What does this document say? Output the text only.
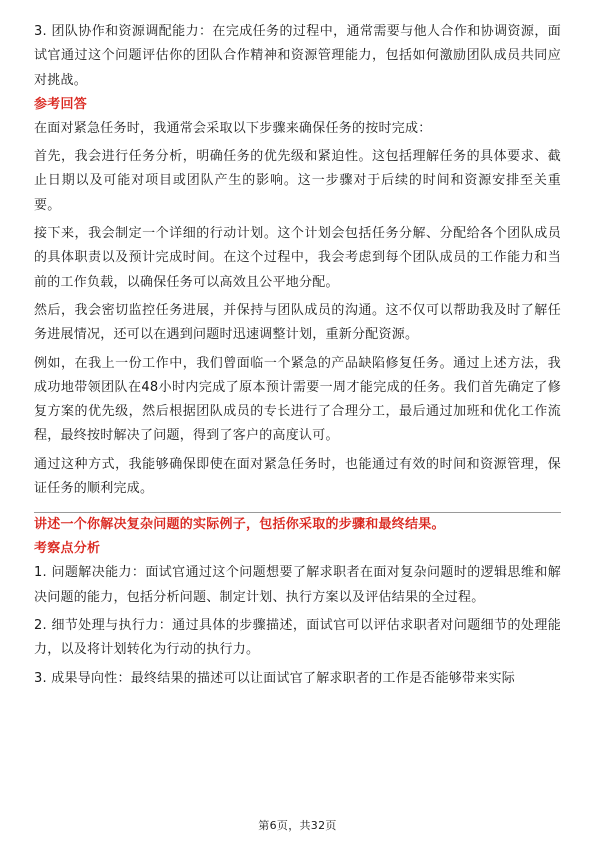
3. 团队协作和资源调配能力：在完成任务的过程中，通常需要与他人合作和协调资源，面试官通过这个问题评估你的团队合作精神和资源管理能力，包括如何激励团队成员共同应对挑战。

参考回答

在面对紧急任务时，我通常会采取以下步骤来确保任务的按时完成：

首先，我会进行任务分析，明确任务的优先级和紧迫性。这包括理解任务的具体要求、截止日期以及可能对项目或团队产生的影响。这一步骤对于后续的时间和资源安排至关重要。

接下来，我会制定一个详细的行动计划。这个计划会包括任务分解、分配给各个团队成员的具体职责以及预计完成时间。在这个过程中，我会考虑到每个团队成员的工作能力和当前的工作负载，以确保任务可以高效且公平地分配。

然后，我会密切监控任务进展，并保持与团队成员的沟通。这不仅可以帮助我及时了解任务进展情况，还可以在遇到问题时迅速调整计划，重新分配资源。

例如，在我上一份工作中，我们曾面临一个紧急的产品缺陷修复任务。通过上述方法，我成功地带领团队在48小时内完成了原本预计需要一周才能完成的任务。我们首先确定了修复方案的优先级，然后根据团队成员的专长进行了合理分工，最后通过加班和优化工作流程，最终按时解决了问题，得到了客户的高度认可。

通过这种方式，我能够确保即使在面对紧急任务时，也能通过有效的时间和资源管理，保证任务的顺利完成。

讲述一个你解决复杂问题的实际例子，包括你采取的步骤和最终结果。
考察点分析

1. 问题解决能力：面试官通过这个问题想要了解求职者在面对复杂问题时的逻辑思维和解决问题的能力，包括分析问题、制定计划、执行方案以及评估结果的全过程。

2. 细节处理与执行力：通过具体的步骤描述，面试官可以评估求职者对问题细节的处理能力，以及将计划转化为行动的执行力。

3. 成果导向性：最终结果的描述可以让面试官了解求职者的工作是否能够带来实际

第6页，共32页
